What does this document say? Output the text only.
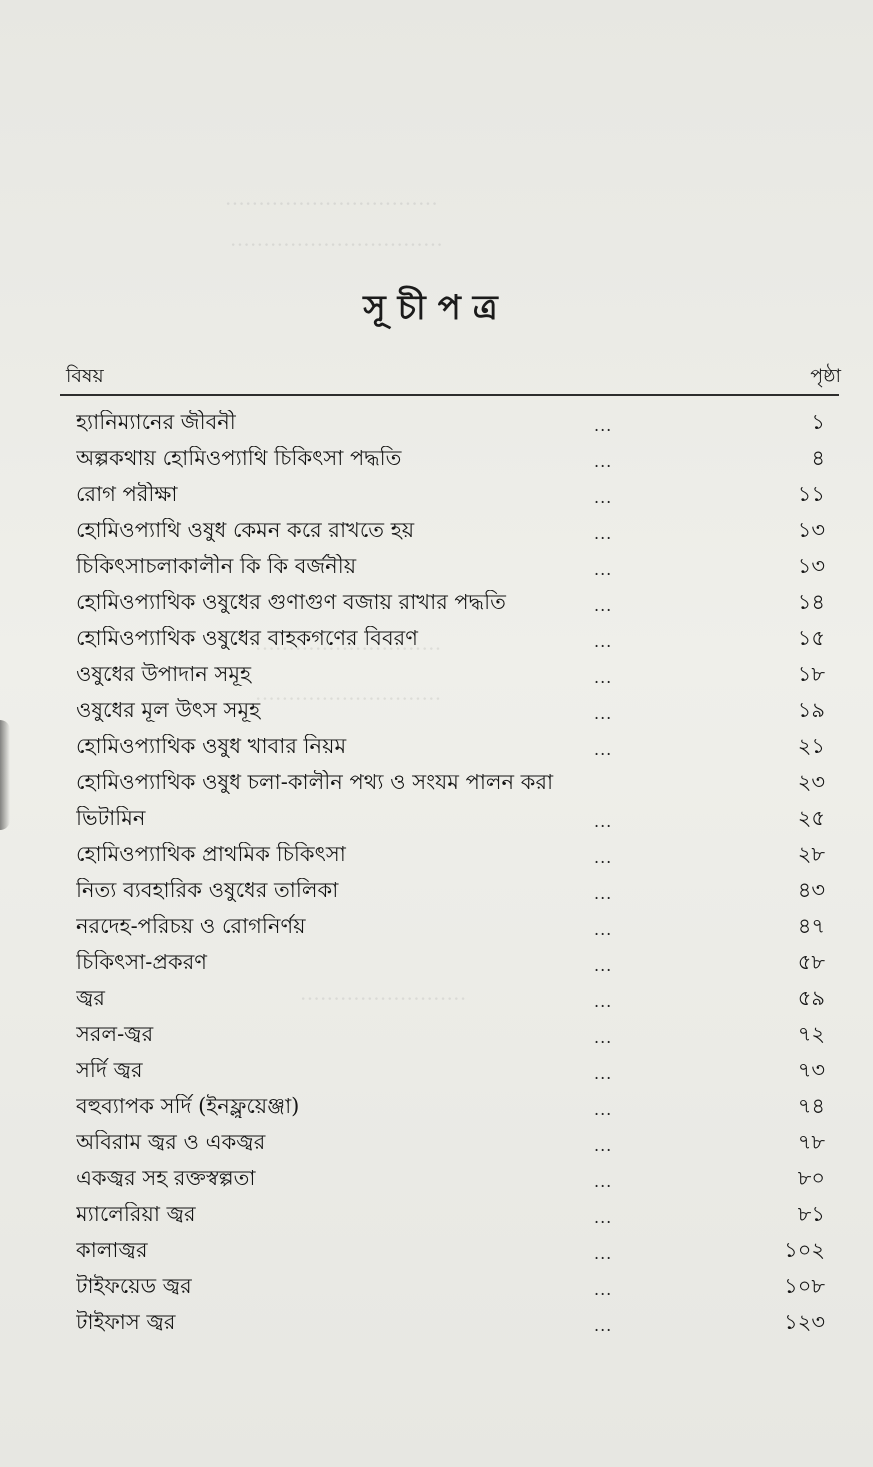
ॱॱॱॱॱॱॱॱॱॱॱॱॱॱॱॱॱॱॱॱॱॱॱॱॱॱॱॱॱॱॱॱ
ॱॱॱॱॱॱॱॱॱॱॱॱॱॱॱॱॱॱॱॱॱॱॱॱॱॱॱॱॱॱॱॱ
ॱॱॱॱॱॱॱॱॱॱॱॱॱॱॱॱॱॱॱॱॱॱॱॱॱॱॱॱ
ॱॱॱॱॱॱॱॱॱॱॱॱॱॱॱॱॱॱॱॱॱॱॱॱॱॱॱॱ
ॱॱॱॱॱॱॱॱॱॱॱॱॱॱॱॱॱॱॱॱॱॱॱॱॱ
সূচীপত্র
বিষয়	পৃষ্ঠা
হ্যানিম্যানের জীবনী	...	১
অল্পকথায় হোমিওপ্যাথি চিকিৎসা পদ্ধতি	...	৪
রোগ পরীক্ষা	...	১১
হোমিওপ্যাথি ওষুধ কেমন করে রাখতে হয়	...	১৩
চিকিৎসাচলাকালীন কি কি বর্জনীয়	...	১৩
হোমিওপ্যাথিক ওষুধের গুণাগুণ বজায় রাখার পদ্ধতি	...	১৪
হোমিওপ্যাথিক ওষুধের বাহকগণের বিবরণ	...	১৫
ওষুধের উপাদান সমূহ	...	১৮
ওষুধের মূল উৎস সমূহ	...	১৯
হোমিওপ্যাথিক ওষুধ খাবার নিয়ম	...	২১
হোমিওপ্যাথিক ওষুধ চলা-কালীন পথ্য ও সংযম পালন করা	২৩
ভিটামিন	...	২৫
হোমিওপ্যাথিক প্রাথমিক চিকিৎসা	...	২৮
নিত্য ব্যবহারিক ওষুধের তালিকা	...	৪৩
নরদেহ-পরিচয় ও রোগনির্ণয়	...	৪৭
চিকিৎসা-প্রকরণ	...	৫৮
জ্বর	...	৫৯
সরল-জ্বর	...	৭২
সর্দি জ্বর	...	৭৩
বহুব্যাপক সর্দি (ইনফ্লুয়েঞ্জা)	...	৭৪
অবিরাম জ্বর ও একজ্বর	...	৭৮
একজ্বর সহ রক্তস্বল্পতা	...	৮০
ম্যালেরিয়া জ্বর	...	৮১
কালাজ্বর	...	১০২
টাইফয়েড জ্বর	...	১০৮
টাইফাস জ্বর	...	১২৩
